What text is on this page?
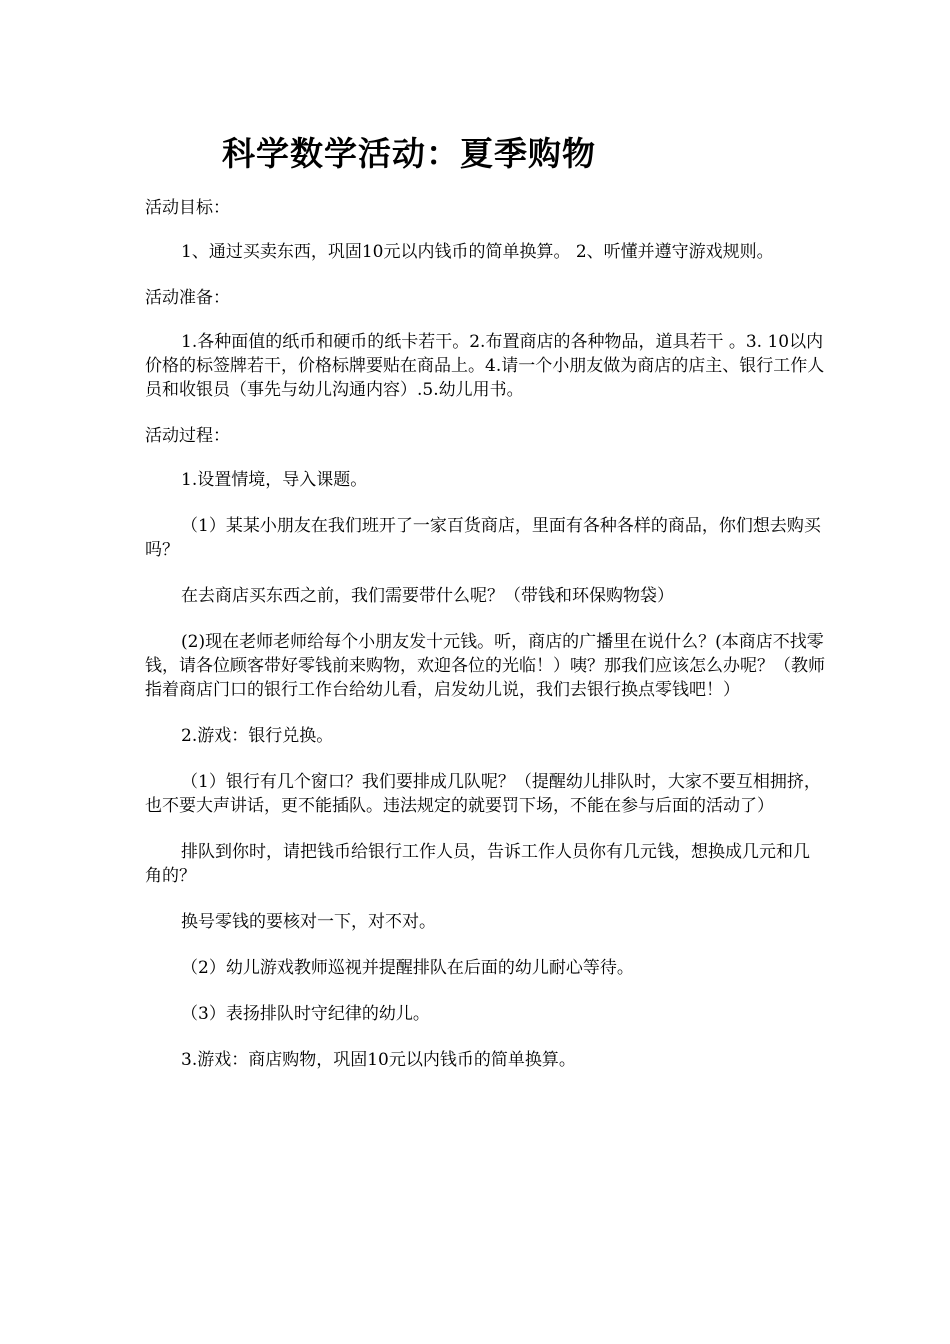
科学数学活动：夏季购物

活动目标：

1、通过买卖东西，巩固10元以内钱币的简单换算。 2、听懂并遵守游戏规则。

活动准备：

1.各种面值的纸币和硬币的纸卡若干。2.布置商店的各种物品，道具若干 。3. 10以内价格的标签牌若干，价格标牌要贴在商品上。4.请一个小朋友做为商店的店主、银行工作人员和收银员（事先与幼儿沟通内容）.5.幼儿用书。

活动过程：

1.设置情境，导入课题。

（1）某某小朋友在我们班开了一家百货商店，里面有各种各样的商品，你们想去购买吗？

在去商店买东西之前，我们需要带什么呢？（带钱和环保购物袋）

(2)现在老师老师给每个小朋友发十元钱。听，商店的广播里在说什么？(本商店不找零钱，请各位顾客带好零钱前来购物，欢迎各位的光临！）咦？那我们应该怎么办呢？（教师指着商店门口的银行工作台给幼儿看，启发幼儿说，我们去银行换点零钱吧！）

2.游戏：银行兑换。

（1）银行有几个窗口？我们要排成几队呢？（提醒幼儿排队时，大家不要互相拥挤，也不要大声讲话，更不能插队。违法规定的就要罚下场，不能在参与后面的活动了）

排队到你时，请把钱币给银行工作人员，告诉工作人员你有几元钱，想换成几元和几角的？

换号零钱的要核对一下，对不对。

（2）幼儿游戏教师巡视并提醒排队在后面的幼儿耐心等待。

（3）表扬排队时守纪律的幼儿。

3.游戏：商店购物，巩固10元以内钱币的简单换算。
